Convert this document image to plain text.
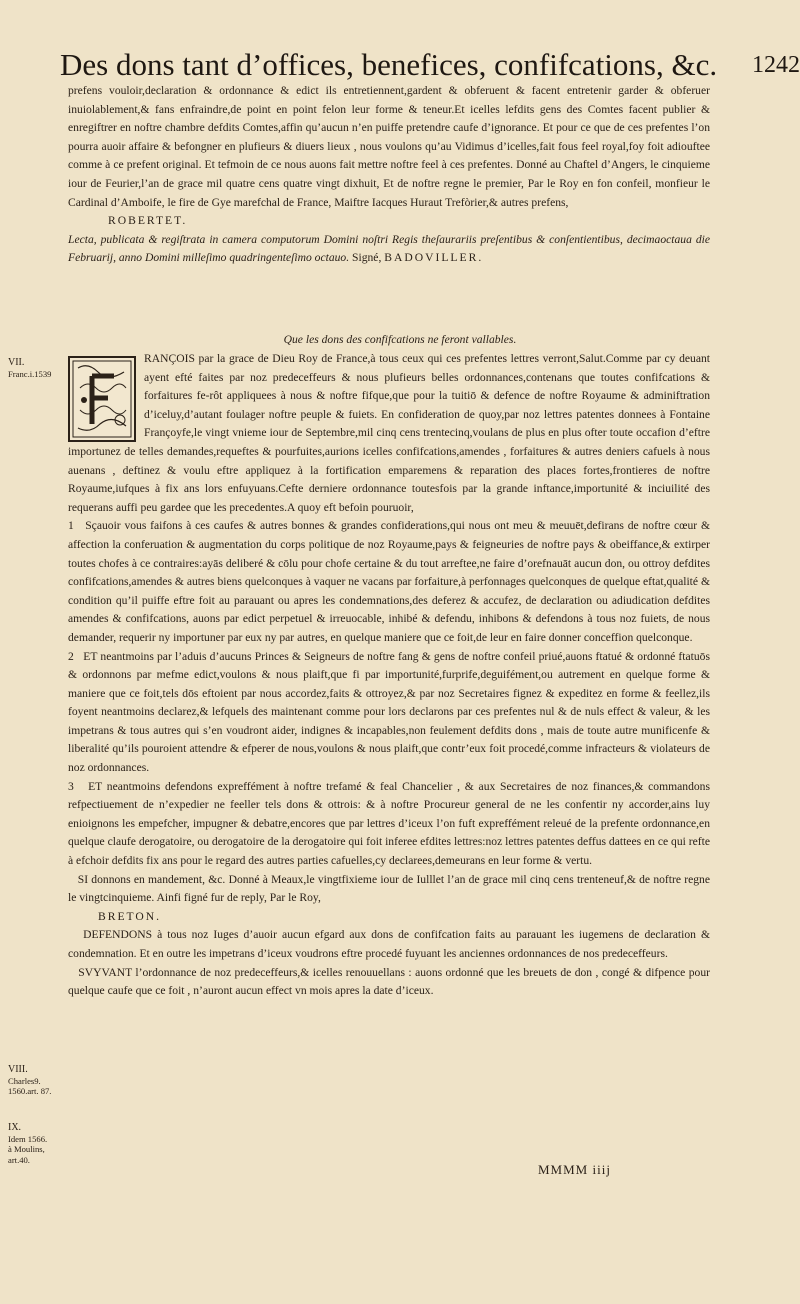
Des dons tant d’offices, benefices, confifcations, &c. 1242

prefens vouloir,declaration & ordonnance & edict ils entretiennent,gardent & obferuent & facent entretenir garder & obferuer inuiolablement,& fans enfraindre,de point en point felon leur forme & teneur.Et icelles lefdits gens des Comtes facent publier & enregiftrer en noftre chambre defdits Comtes,affin qu’aucun n’en puiffe pretendre caufe d’ignorance. Et pour ce que de ces prefentes l’on pourra auoir affaire & befongner en plufieurs & diuers lieux , nous voulons qu’au Vidimus d’icelles,fait fous feel royal,foy foit adiouftee comme à ce prefent original. Et tefmoin de ce nous auons fait mettre noftre feel à ces prefentes. Donné au Chaftel d’Angers, le cinquieme iour de Feurier,l’an de grace mil quatre cens quatre vingt dixhuit, Et de noftre regne le premier, Par le Roy en fon confeil, monfieur le Cardinal d’Amboife, le fire de Gye marefchal de France, Maiftre Iacques Huraut Trefòrier,& autres prefens,

ROBERTET.

Lecta, publicata & regiſtrata in camera computorum Domini noſtri Regis theſaurariis preſentibus & conſentientibus, decimaoctaua die Februarij, anno Domini milleſimo quadringenteſimo octauo. Signé, BADOVILLER.

Que les dons des confifcations ne feront vallables.
VII.
Franc.i.1539
VIII.
Charles9.
1560.art. 87.
IX.
Idem 1566.
à Moulins,
art.40.

RANÇOIS par la grace de Dieu Roy de France,à tous ceux qui ces prefentes lettres verront,Salut.Comme par cy deuant ayent efté faites par noz predeceffeurs & nous plufieurs belles ordonnances,contenans que toutes confifcations & forfaitures fe-rôt appliquees à nous & noftre fifque,que pour la tuitiō & defence de noftre Royaume & adminiftration d’iceluy,d’autant foulager noftre peuple & fuiets. En confideration de quoy,par noz lettres patentes donnees à Fontaine Françoyfe,le vingt vnieme iour de Septembre,mil cinq cens trentecinq,voulans de plus en plus ofter toute occafion d’eftre importunez de telles demandes,requeftes & pourfuites,aurions icelles confifcations,amendes , forfaitures & autres deniers cafuels à nous auenans , deftinez & voulu eftre appliquez à la fortification emparemens & reparation des places fortes,frontieres de noftre Royaume,iufques à fix ans lors enfuyuans.Cefte derniere ordonnance toutesfois par la grande inftance,importunité & inciuilité des requerans auffi peu gardee que les precedentes.A quoy eft befoin pouruoir,

1 Sçauoir vous faifons à ces caufes & autres bonnes & grandes confiderations,qui nous ont meu & meuuēt,defirans de noftre cœur & affection la conferuation & augmentation du corps politique de noz Royaume,pays & feigneuries de noftre pays & obeiffance,& extirper toutes chofes à ce contraires:ayās deliberé & cōlu pour chofe certaine & du tout arreftee,ne faire d’orefnauāt aucun don, ou ottroy defdites confifcations,amendes & autres biens quelconques à vaquer ne vacans par forfaiture,à perfonnages quelconques de quelque eftat,qualité & condition qu’il puiffe eftre foit au parauant ou apres les condemnations,des deferez & accufez, de declaration ou adiudication defdites amendes & confifcations, auons par edict perpetuel & irreuocable, inhibé & defendu, inhibons & defendons à tous noz fuiets, de nous demander, requerir ny importuner par eux ny par autres, en quelque maniere que ce foit,de leur en faire donner conceffion quelconque.

2 ET neantmoins par l’aduis d’aucuns Princes & Seigneurs de noftre fang & gens de noftre confeil priué,auons ftatué & ordonné ftatuōs & ordonnons par mefme edict,voulons & nous plaift,que fi par importunité,furprife,deguifément,ou autrement en quelque forme & maniere que ce foit,tels dōs eftoient par nous accordez,faits & ottroyez,& par noz Secretaires fignez & expeditez en forme & feellez,ils foyent neantmoins declarez,& lefquels des maintenant comme pour lors declarons par ces prefentes nul & de nuls effect & valeur, & les impetrans & tous autres qui s’en voudront aider, indignes & incapables,non feulement defdits dons , mais de toute autre munificenfe & liberalité qu’ils pouroient attendre & efperer de nous,voulons & nous plaift,que contr’eux foit procedé,comme infracteurs & violateurs de noz ordonnances.

3 ET neantmoins defendons expreffément à noftre trefamé & feal Chancelier , & aux Secretaires de noz finances,& commandons refpectiuement de n’expedier ne feeller tels dons & ottrois: & à noftre Procureur general de ne les confentir ny accorder,ains luy enioignons les empefcher, impugner & debatre,encores que par lettres d’iceux l’on fuft expreffément releué de la prefente ordonnance,en quelque claufe derogatoire, ou derogatoire de la derogatoire qui foit inferee efdites lettres:noz lettres patentes deffus dattees en ce qui refte à efchoir defdits fix ans pour le regard des autres parties cafuelles,cy declarees,demeurans en leur forme & vertu.

SI donnons en mandement, &c. Donné à Meaux,le vingtfixieme iour de Iulllet l’an de grace mil cinq cens trenteneuf,& de noftre regne le vingtcinquieme. Ainfi figné fur de reply, Par le Roy,
BRETON.

DEFENDONS à tous noz Iuges d’auoir aucun efgard aux dons de confifcation faits au parauant les iugemens de declaration & condemnation. Et en outre les impetrans d’iceux voudrons eftre procedé fuyuant les anciennes ordonnances de nos predeceffeurs.

SVYVANT l’ordonnance de noz predeceffeurs,& icelles renouuellans : auons ordonné que les breuets de don , congé & difpence pour quelque caufe que ce foit , n’auront aucun effect vn mois apres la date d’iceux.

MMMM iiij
